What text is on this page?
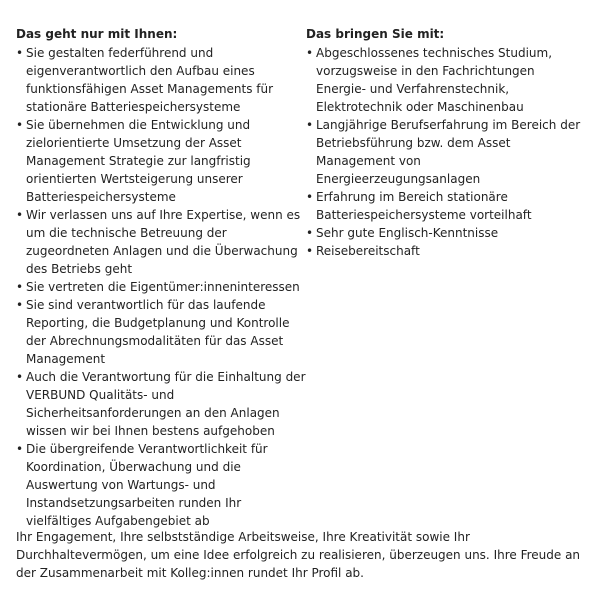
Das geht nur mit Ihnen:
• Sie gestalten federführend und eigenverantwortlich den Aufbau eines funktionsfähigen Asset Managements für stationäre Batteriespeichersysteme
• Sie übernehmen die Entwicklung und zielorientierte Umsetzung der Asset Management Strategie zur langfristig orientierten Wertsteigerung unserer Batteriespeichersysteme
• Wir verlassen uns auf Ihre Expertise, wenn es um die technische Betreuung der zugeordneten Anlagen und die Überwachung des Betriebs geht
• Sie vertreten die Eigentümer:inneninteressen
• Sie sind verantwortlich für das laufende Reporting, die Budgetplanung und Kontrolle der Abrechnungsmodalitäten für das Asset Management
• Auch die Verantwortung für die Einhaltung der VERBUND Qualitäts- und Sicherheitsanforderungen an den Anlagen wissen wir bei Ihnen bestens aufgehoben
• Die übergreifende Verantwortlichkeit für Koordination, Überwachung und die Auswertung von Wartungs- und Instandsetzungsarbeiten runden Ihr vielfältiges Aufgabengebiet ab
Das bringen Sie mit:
• Abgeschlossenes technisches Studium, vorzugsweise in den Fachrichtungen Energie- und Verfahrenstechnik, Elektrotechnik oder Maschinenbau
• Langjährige Berufserfahrung im Bereich der Betriebsführung bzw. dem Asset Management von Energieerzeugungsanlagen
• Erfahrung im Bereich stationäre Batteriespeichersysteme vorteilhaft
• Sehr gute Englisch-Kenntnisse
• Reisebereitschaft

Ihr Engagement, Ihre selbstständige Arbeitsweise, Ihre Kreativität sowie Ihr Durchhaltevermögen, um eine Idee erfolgreich zu realisieren, überzeugen uns. Ihre Freude an der Zusammenarbeit mit Kolleg:innen rundet Ihr Profil ab.
